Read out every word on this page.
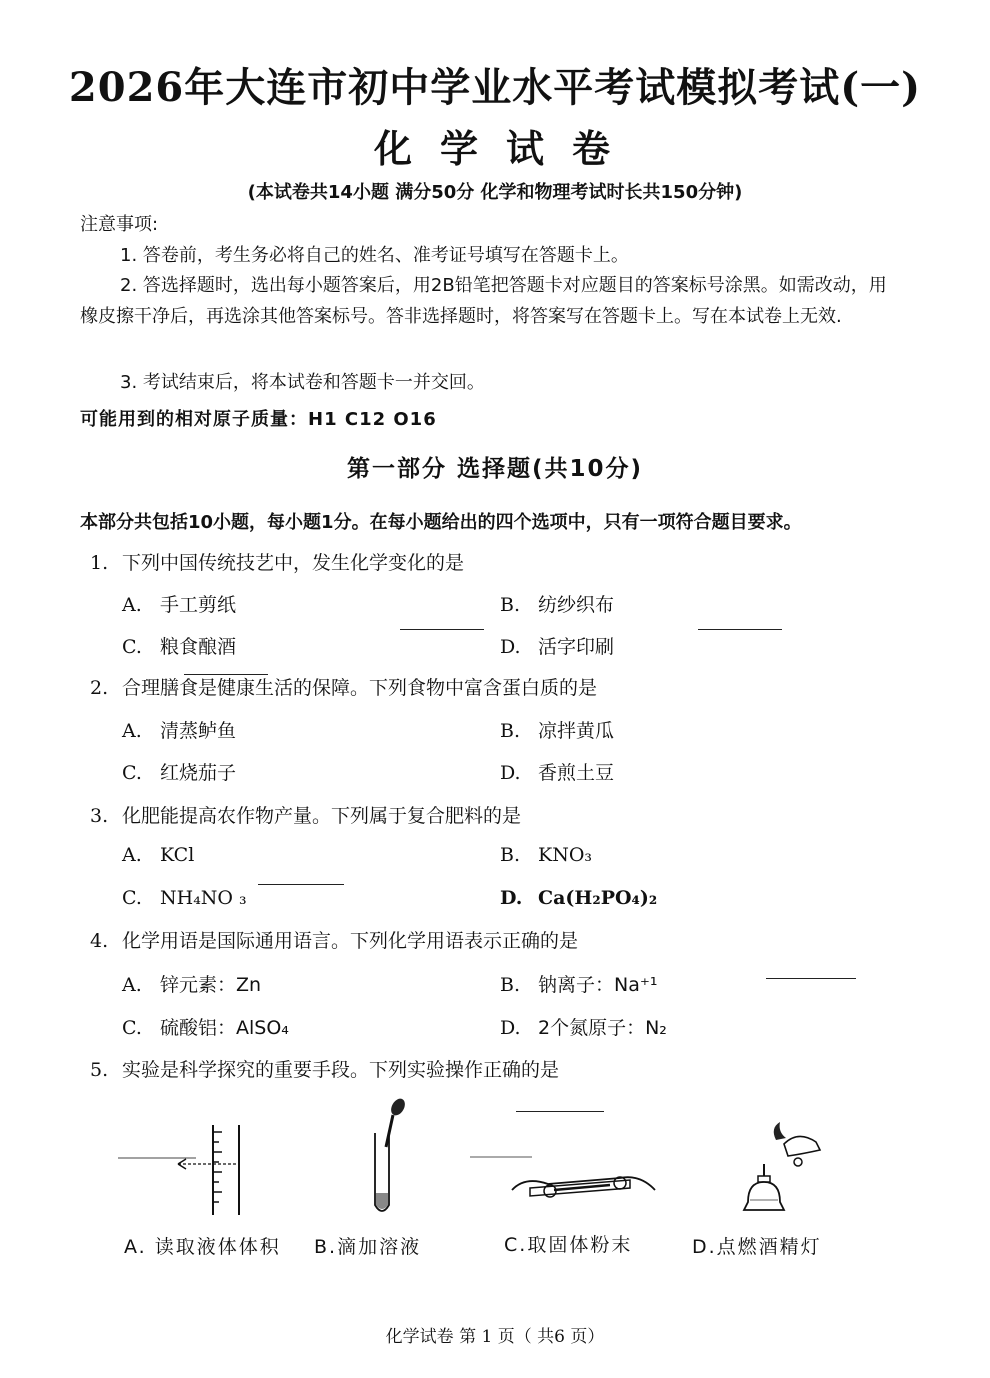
2026年大连市初中学业水平考试模拟考试(一)
化学试卷
(本试卷共14小题 满分50分 化学和物理考试时长共150分钟)
注意事项:
1. 答卷前，考生务必将自己的姓名、准考证号填写在答题卡上。
2. 答选择题时，选出每小题答案后，用2B铅笔把答题卡对应题目的答案标号涂黑。如需改动，用橡皮擦干净后，再选涂其他答案标号。答非选择题时，将答案写在答题卡上。写在本试卷上无效.
3. 考试结束后，将本试卷和答题卡一并交回。
可能用到的相对原子质量：H1 C12 O16
第一部分 选择题(共10分)
本部分共包括10小题，每小题1分。在每小题给出的四个选项中，只有一项符合题目要求。
1. 下列中国传统技艺中，发生化学变化的是
A. 手工剪纸	B. 纺纱织布
C. 粮食酿酒	D. 活字印刷
2. 合理膳食是健康生活的保障。下列食物中富含蛋白质的是
A. 清蒸鲈鱼	B. 凉拌黄瓜
C. 红烧茄子	D. 香煎土豆
3. 化肥能提高农作物产量。下列属于复合肥料的是
A. KCl	B. KNO₃
C. NH₄NO ₃	D. Ca(H₂PO₄)₂
4. 化学用语是国际通用语言。下列化学用语表示正确的是
A. 锌元素：Zn	B. 钠离子：Na⁺¹
C. 硫酸铝：AlSO₄	D. 2个氮原子：N₂
5. 实验是科学探究的重要手段。下列实验操作正确的是
A. 读取液体体积 B.滴加溶液	C.取固体粉末	D.点燃酒精灯
化学试卷 第 1 页（ 共6 页）
